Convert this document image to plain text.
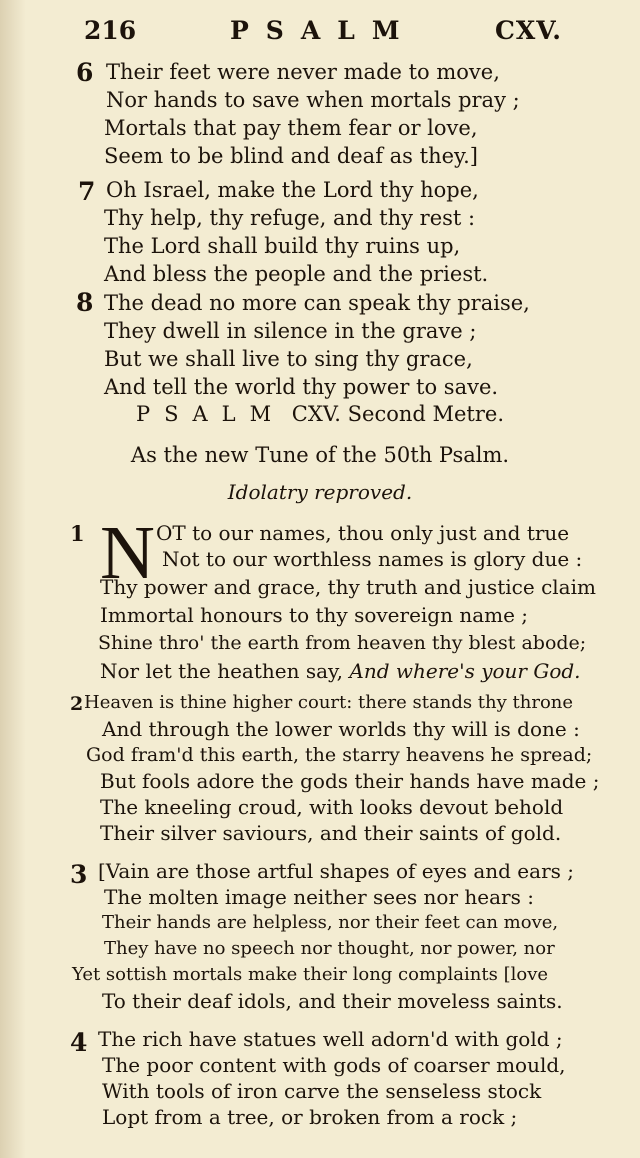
216	PSALM	CXV.
6 Their feet were never made to move,
Nor hands to save when mortals pray ;
Mortals that pay them fear or love,
Seem to be blind and deaf as they.]
7 Oh Israel, make the Lord thy hope,
Thy help, thy refuge, and thy rest :
The Lord shall build thy ruins up,
And bless the people and the priest.
8 The dead no more can speak thy praise,
They dwell in silence in the grave ;
But we shall live to sing thy grace,
And tell the world thy power to save.
PSALM CXV. Second Metre.
As the new Tune of the 50th Psalm.
Idolatry reproved.
1 N OT to our names, thou only just and true
Not to our worthless names is glory due :
Thy power and grace, thy truth and justice claim
Immortal honours to thy sovereign name ;
Shine thro' the earth from heaven thy blest abode;
Nor let the heathen say, And where's your God.
2 Heaven is thine higher court: there stands thy throne
And through the lower worlds thy will is done :
God fram'd this earth, the starry heavens he spread;
But fools adore the gods their hands have made ;
The kneeling croud, with looks devout behold
Their silver saviours, and their saints of gold.
3 [Vain are those artful shapes of eyes and ears ;
The molten image neither sees nor hears :
Their hands are helpless, nor their feet can move,
They have no speech nor thought, nor power, nor
Yet sottish mortals make their long complaints [love
To their deaf idols, and their moveless saints.
4 The rich have statues well adorn'd with gold ;
The poor content with gods of coarser mould,
With tools of iron carve the senseless stock
Lopt from a tree, or broken from a rock ;
